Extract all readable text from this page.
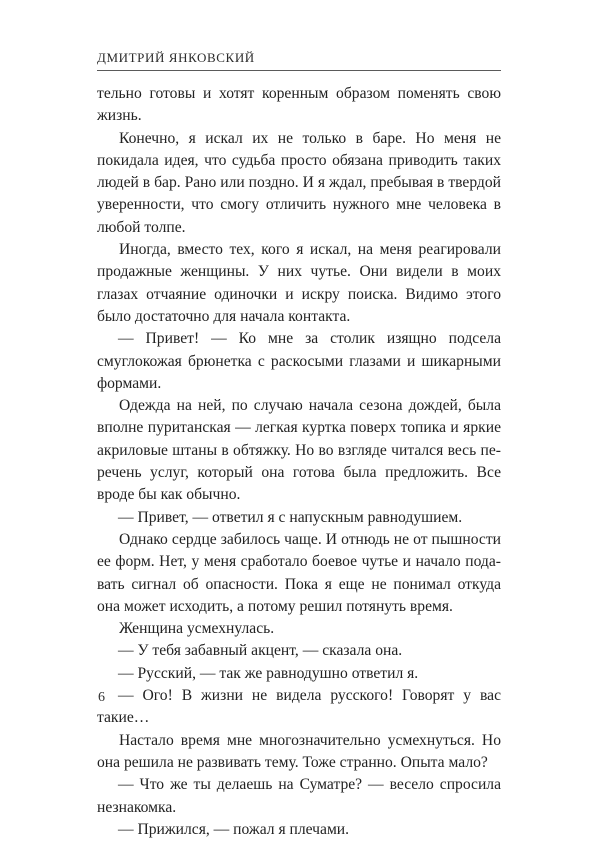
ДМИТРИЙ ЯНКОВСКИЙ

тельно готовы и хотят коренным образом поменять свою жизнь.

Конечно, я искал их не только в баре. Но меня не покидала идея, что судьба просто обязана приводить таких людей в бар. Рано или поздно. И я ждал, пребывая в твердой уверенности, что смогу отличить нужного мне человека в любой толпе.

Иногда, вместо тех, кого я искал, на меня реагировали продажные женщины. У них чутье. Они видели в моих глазах отчаяние одиночки и искру поиска. Видимо этого было достаточно для начала контакта.

— Привет! — Ко мне за столик изящно подсела смуглокожая брюнетка с раскосыми глазами и шикарными формами.

Одежда на ней, по случаю начала сезона дождей, была вполне пуританская — легкая куртка поверх топика и яркие акриловые штаны в обтяжку. Но во взгляде читался весь перечень услуг, который она готова была предложить. Все вроде бы как обычно.

— Привет, — ответил я с напускным равнодушием.

Однако сердце забилось чаще. И отнюдь не от пышности ее форм. Нет, у меня сработало боевое чутье и начало подавать сигнал об опасности. Пока я еще не понимал откуда она может исходить, а потому решил потянуть время.

Женщина усмехнулась.

— У тебя забавный акцент, — сказала она.

— Русский, — так же равнодушно ответил я.

— Ого! В жизни не видела русского! Говорят у вас такие…

Настало время мне многозначительно усмехнуться. Но она решила не развивать тему. Тоже странно. Опыта мало?

— Что же ты делаешь на Суматре? — весело спросила незнакомка.

— Прижился, — пожал я плечами.

6
